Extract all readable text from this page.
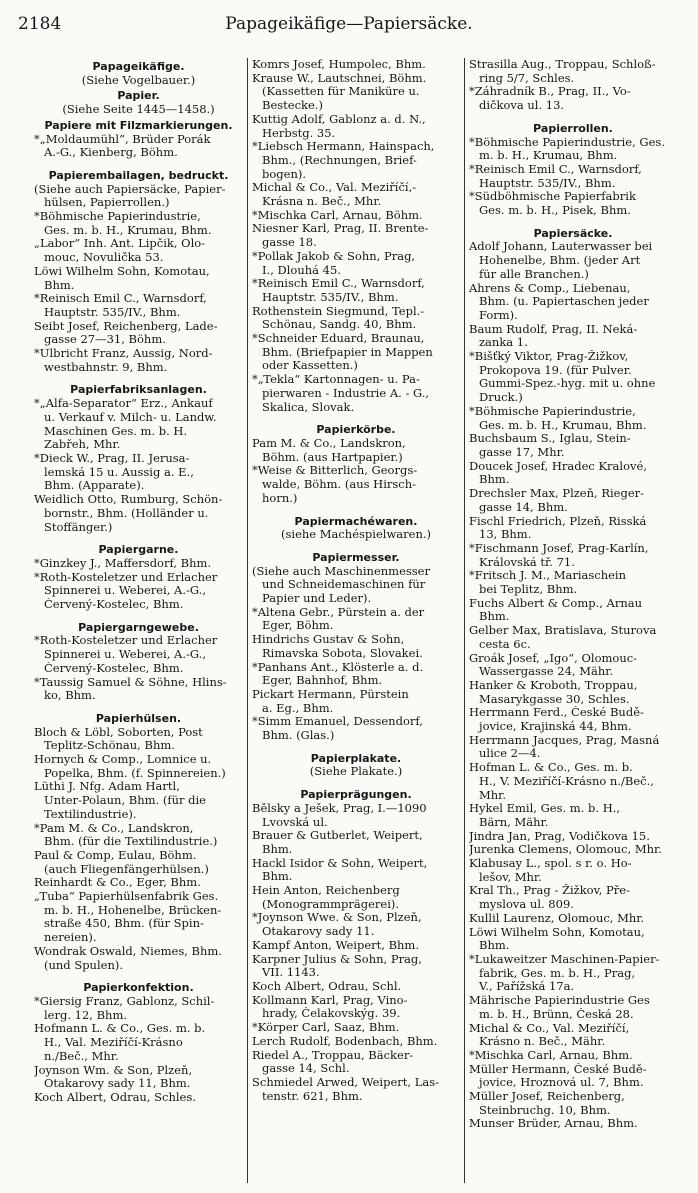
2184	Papageikäfige—Papiersäcke.
Papageikäfige.
(Siehe Vogelbauer.)
Papier.
(Siehe Seite 1445—1458.)
Papiere mit Filzmarkierungen.
*„Moldaumühl“, Brüder Porák
A.-G., Kienberg, Böhm.
Papierembailagen, bedruckt.
(Siehe auch Papiersäcke, Papier-
hülsen, Papierrollen.)
*Böhmische Papierindustrie,
Ges. m. b. H., Krumau, Bhm.
„Labor“ Inh. Ant. Lipčik, Olo-
mouc, Novulička 53.
Löwi Wilhelm Sohn, Komotau,
Bhm.
*Reinisch Emil C., Warnsdorf,
Hauptstr. 535/IV., Bhm.
Seibt Josef, Reichenberg, Lade-
gasse 27—31, Böhm.
*Ulbricht Franz, Aussig, Nord-
westbahnstr. 9, Bhm.
Papierfabriksanlagen.
*„Alfa-Separator“ Erz., Ankauf
u. Verkauf v. Milch- u. Landw.
Maschinen Ges. m. b. H.
Zabřeh, Mhr.
*Dieck W., Prag, II. Jerusa-
lemská 15 u. Aussig a. E.,
Bhm. (Apparate).
Weidlich Otto, Rumburg, Schön-
bornstr., Bhm. (Holländer u.
Stoffänger.)
Papiergarne.
*Ginzkey J., Maffersdorf, Bhm.
*Roth-Kosteletzer und Erlacher
Spinnerei u. Weberei, A.-G.,
Červený-Kostelec, Bhm.
Papiergarngewebe.
*Roth-Kosteletzer und Erlacher
Spinnerei u. Weberei, A.-G.,
Červený-Kostelec, Bhm.
*Taussig Samuel & Söhne, Hlins-
ko, Bhm.
Papierhülsen.
Bloch & Löbl, Soborten, Post
Teplitz-Schönau, Bhm.
Hornych & Comp., Lomnice u.
Popelka, Bhm. (f. Spinnereien.)
Lüthi J. Nfg. Adam Hartl,
Unter-Polaun, Bhm. (für die
Textilindustrie).
*Pam M. & Co., Landskron,
Bhm. (für die Textilindustrie.)
Paul & Comp, Eulau, Böhm.
(auch Fliegenfängerhülsen.)
Reinhardt & Co., Eger, Bhm.
„Tuba“ Papierhülsenfabrik Ges.
m. b. H., Hohenelbe, Brücken-
straße 450, Bhm. (für Spin-
nereien).
Wondrak Oswald, Niemes, Bhm.
(und Spulen).
Papierkonfektion.
*Giersig Franz, Gablonz, Schil-
lerg. 12, Bhm.
Hofmann L. & Co., Ges. m. b.
H., Val. Meziříčí-Krásno
n./Beč., Mhr.
Joynson Wm. & Son, Plzeň,
Otakarovy sady 11, Bhm.
Koch Albert, Odrau, Schles.
Komrs Josef, Humpolec, Bhm.
Krause W., Lautschnei, Böhm.
(Kassetten für Maniküre u.
Bestecke.)
Kuttig Adolf, Gablonz a. d. N.,
Herbstg. 35.
*Liebsch Hermann, Hainspach,
Bhm., (Rechnungen, Brief-
bogen).
Michal & Co., Val. Meziříčí,-
Krásna n. Beč., Mhr.
*Mischka Carl, Arnau, Böhm.
Niesner Karl, Prag, II. Brente-
gasse 18.
*Pollak Jakob & Sohn, Prag,
I., Dlouhá 45.
*Reinisch Emil C., Warnsdorf,
Hauptstr. 535/IV., Bhm.
Rothenstein Siegmund, Tepl.-
Schönau, Sandg. 40, Bhm.
*Schneider Eduard, Braunau,
Bhm. (Briefpapier in Mappen
oder Kassetten.)
*„Tekla“ Kartonnagen- u. Pa-
pierwaren - Industrie A. - G.,
Skalica, Slovak.
Papierkörbe.
Pam M. & Co., Landskron,
Böhm. (aus Hartpapier.)
*Weise & Bitterlich, Georgs-
walde, Böhm. (aus Hirsch-
horn.)
Papiermachéwaren.
(siehe Machéspielwaren.)
Papiermesser.
(Siehe auch Maschinenmesser
und Schneidemaschinen für
Papier und Leder).
*Altena Gebr., Pürstein a. der
Eger, Böhm.
Hindrichs Gustav & Sohn,
Rimavska Sobota, Slovakei.
*Panhans Ant., Klösterle a. d.
Eger, Bahnhof, Bhm.
Pickart Hermann, Pürstein
a. Eg., Bhm.
*Simm Emanuel, Dessendorf,
Bhm. (Glas.)
Papierplakate.
(Siehe Plakate.)
Papierprägungen.
Bělsky a Ješek, Prag, I.—1090
Lvovská ul.
Brauer & Gutberlet, Weipert,
Bhm.
Hackl Isidor & Sohn, Weipert,
Bhm.
Hein Anton, Reichenberg
(Monogrammprägerei).
*Joynson Wwe. & Son, Plzeň,
Otakarovy sady 11.
Kampf Anton, Weipert, Bhm.
Karpner Julius & Sohn, Prag,
VII. 1143.
Koch Albert, Odrau, Schl.
Kollmann Karl, Prag, Vino-
hrady, Čelakovskýg. 39.
*Körper Carl, Saaz, Bhm.
Lerch Rudolf, Bodenbach, Bhm.
Riedel A., Troppau, Bäcker-
gasse 14, Schl.
Schmiedel Arwed, Weipert, Las-
tenstr. 621, Bhm.
Strasilla Aug., Troppau, Schloß-
ring 5/7, Schles.
*Záhradník B., Prag, II., Vo-
dičkova ul. 13.
Papierrollen.
*Böhmische Papierindustrie, Ges.
m. b. H., Krumau, Bhm.
*Reinisch Emil C., Warnsdorf,
Hauptstr. 535/IV., Bhm.
*Südböhmische Papierfabrik
Ges. m. b. H., Pisek, Bhm.
Papiersäcke.
Adolf Johann, Lauterwasser bei
Hohenelbe, Bhm. (jeder Art
für alle Branchen.)
Ahrens & Comp., Liebenau,
Bhm. (u. Papiertaschen jeder
Form).
Baum Rudolf, Prag, II. Neká-
zanka 1.
*Bišťký Viktor, Prag-Žižkov,
Prokopova 19. (für Pulver.
Gummi-Spez.-hyg. mit u. ohne
Druck.)
*Böhmische Papierindustrie,
Ges. m. b. H., Krumau, Bhm.
Buchsbaum S., Iglau, Stein-
gasse 17, Mhr.
Doucek Josef, Hradec Kralové,
Bhm.
Drechsler Max, Plzeň, Rieger-
gasse 14, Bhm.
Fischl Friedrich, Plzeň, Risská
13, Bhm.
*Fischmann Josef, Prag-Karlín,
Královská tř. 71.
*Fritsch J. M., Mariaschein
bei Teplitz, Bhm.
Fuchs Albert & Comp., Arnau
Bhm.
Gelber Max, Bratislava, Sturova
cesta 6c.
Groák Josef, „Igo“, Olomouc-
Wassergasse 24, Mähr.
Hanker & Kroboth, Troppau,
Masarykgasse 30, Schles.
Herrmann Ferd., České Budě-
jovice, Krajinská 44, Bhm.
Herrmann Jacques, Prag, Masná
ulice 2—4.
Hofman L. & Co., Ges. m. b.
H., V. Meziříčí-Krásno n./Beč.,
Mhr.
Hykel Emil, Ges. m. b. H.,
Bärn, Mähr.
Jindra Jan, Prag, Vodičkova 15.
Jurenka Clemens, Olomouc, Mhr.
Klabusay L., spol. s r. o. Ho-
lešov, Mhr.
Kral Th., Prag - Žižkov, Pře-
myslova ul. 809.
Kullil Laurenz, Olomouc, Mhr.
Löwi Wilhelm Sohn, Komotau,
Bhm.
*Lukaweitzer Maschinen-Papier-
fabrik, Ges. m. b. H., Prag,
V., Pařížská 17a.
Mährische Papierindustrie Ges
m. b. H., Brünn, Česká 28.
Michal & Co., Val. Meziříčí,
Krásno n. Beč., Mähr.
*Mischka Carl, Arnau, Bhm.
Müller Hermann, České Budě-
jovice, Hroznová ul. 7, Bhm.
Müller Josef, Reichenberg,
Steinbruchg. 10, Bhm.
Munser Brüder, Arnau, Bhm.
